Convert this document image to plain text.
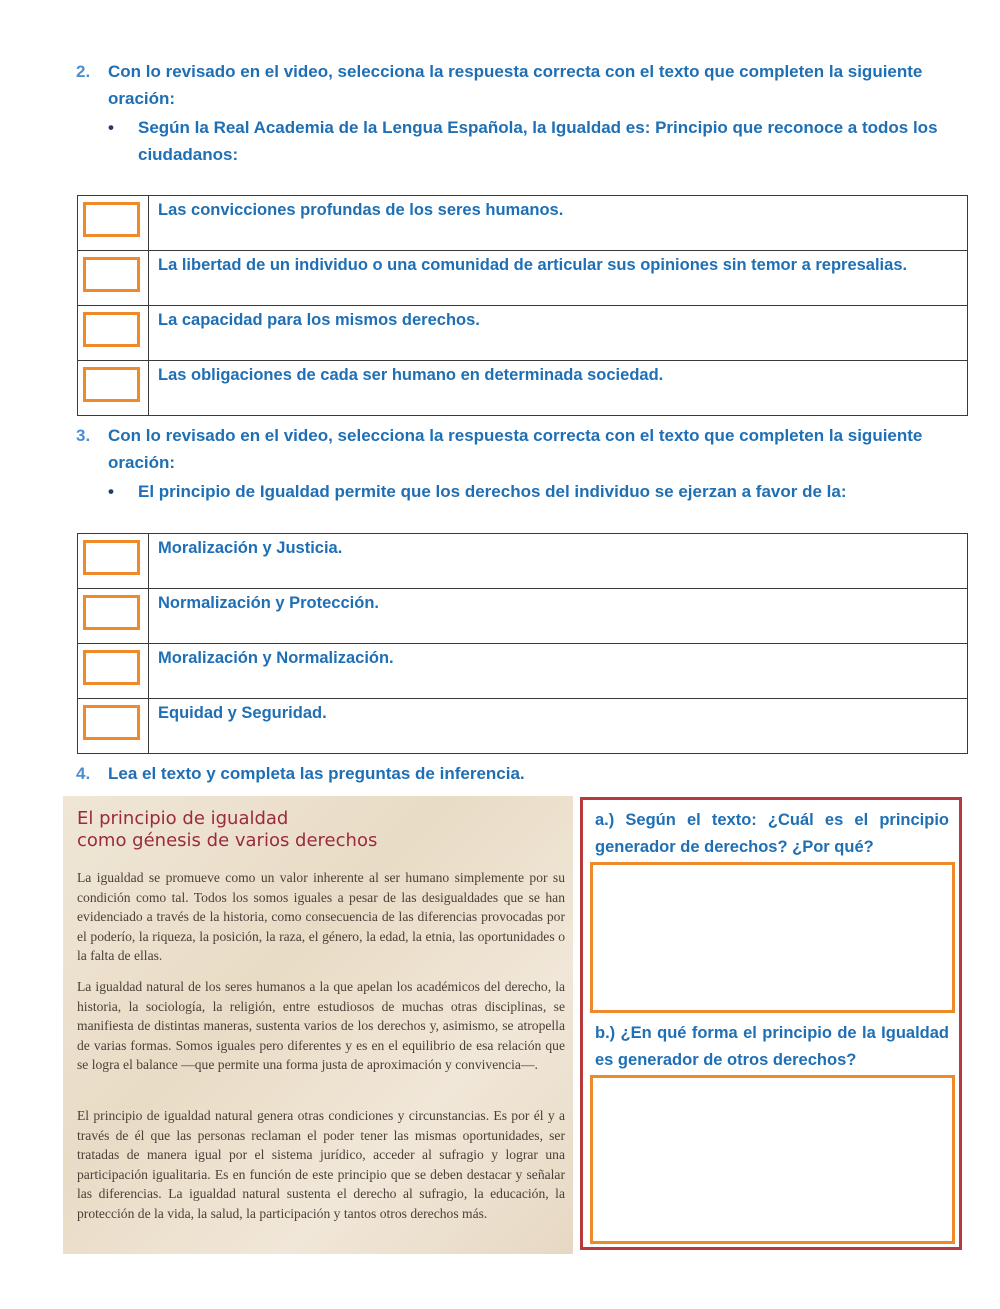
2. Con lo revisado en el video, selecciona la respuesta correcta con el texto que completen la siguiente
oración:
•	Según la Real Academia de la Lengua Española, la Igualdad es: Principio que reconoce a todos los
ciudadanos:
	Las convicciones profundas de los seres humanos.

	La libertad de un individuo o una comunidad de articular sus opiniones sin temor a represalias.

	La capacidad para los mismos derechos.

	Las obligaciones de cada ser humano en determinada sociedad.
3. Con lo revisado en el video, selecciona la respuesta correcta con el texto que completen la siguiente
oración:
•	El principio de Igualdad permite que los derechos del individuo se ejerzan a favor de la:
	Moralización y Justicia.

	Normalización y Protección.

	Moralización y Normalización.

	Equidad y Seguridad.
4. Lea el texto y completa las preguntas de inferencia.
El principio de igualdad
como génesis de varios derechos
La igualdad se promueve como un valor inherente al ser humano simplemente por su condición como tal. Todos los somos iguales a pesar de las desigualdades que se han evidenciado a través de la historia, como consecuencia de las diferencias provocadas por el poderío, la riqueza, la posición, la raza, el género, la edad, la etnia, las oportunidades o la falta de ellas.
La igualdad natural de los seres humanos a la que apelan los académicos del derecho, la historia, la sociología, la religión, entre estudiosos de muchas otras disciplinas, se manifiesta de distintas maneras, sustenta varios de los derechos y, asimismo, se atropella de varias formas. Somos iguales pero diferentes y es en el equilibrio de esa relación que se logra el balance —que permite una forma justa de aproximación y convivencia—.
El principio de igualdad natural genera otras condiciones y circunstancias. Es por él y a través de él que las personas reclaman el poder tener las mismas oportunidades, ser tratadas de manera igual por el sistema jurídico, acceder al sufragio y lograr una participación igualitaria. Es en función de este principio que se deben destacar y señalar las diferencias. La igualdad natural sustenta el derecho al sufragio, la educación, la protección de la vida, la salud, la participación y tantos otros derechos más.
a.) Según el texto: ¿Cuál es el principio generador de derechos? ¿Por qué?
b.) ¿En qué forma el principio de la Igualdad es generador de otros derechos?
